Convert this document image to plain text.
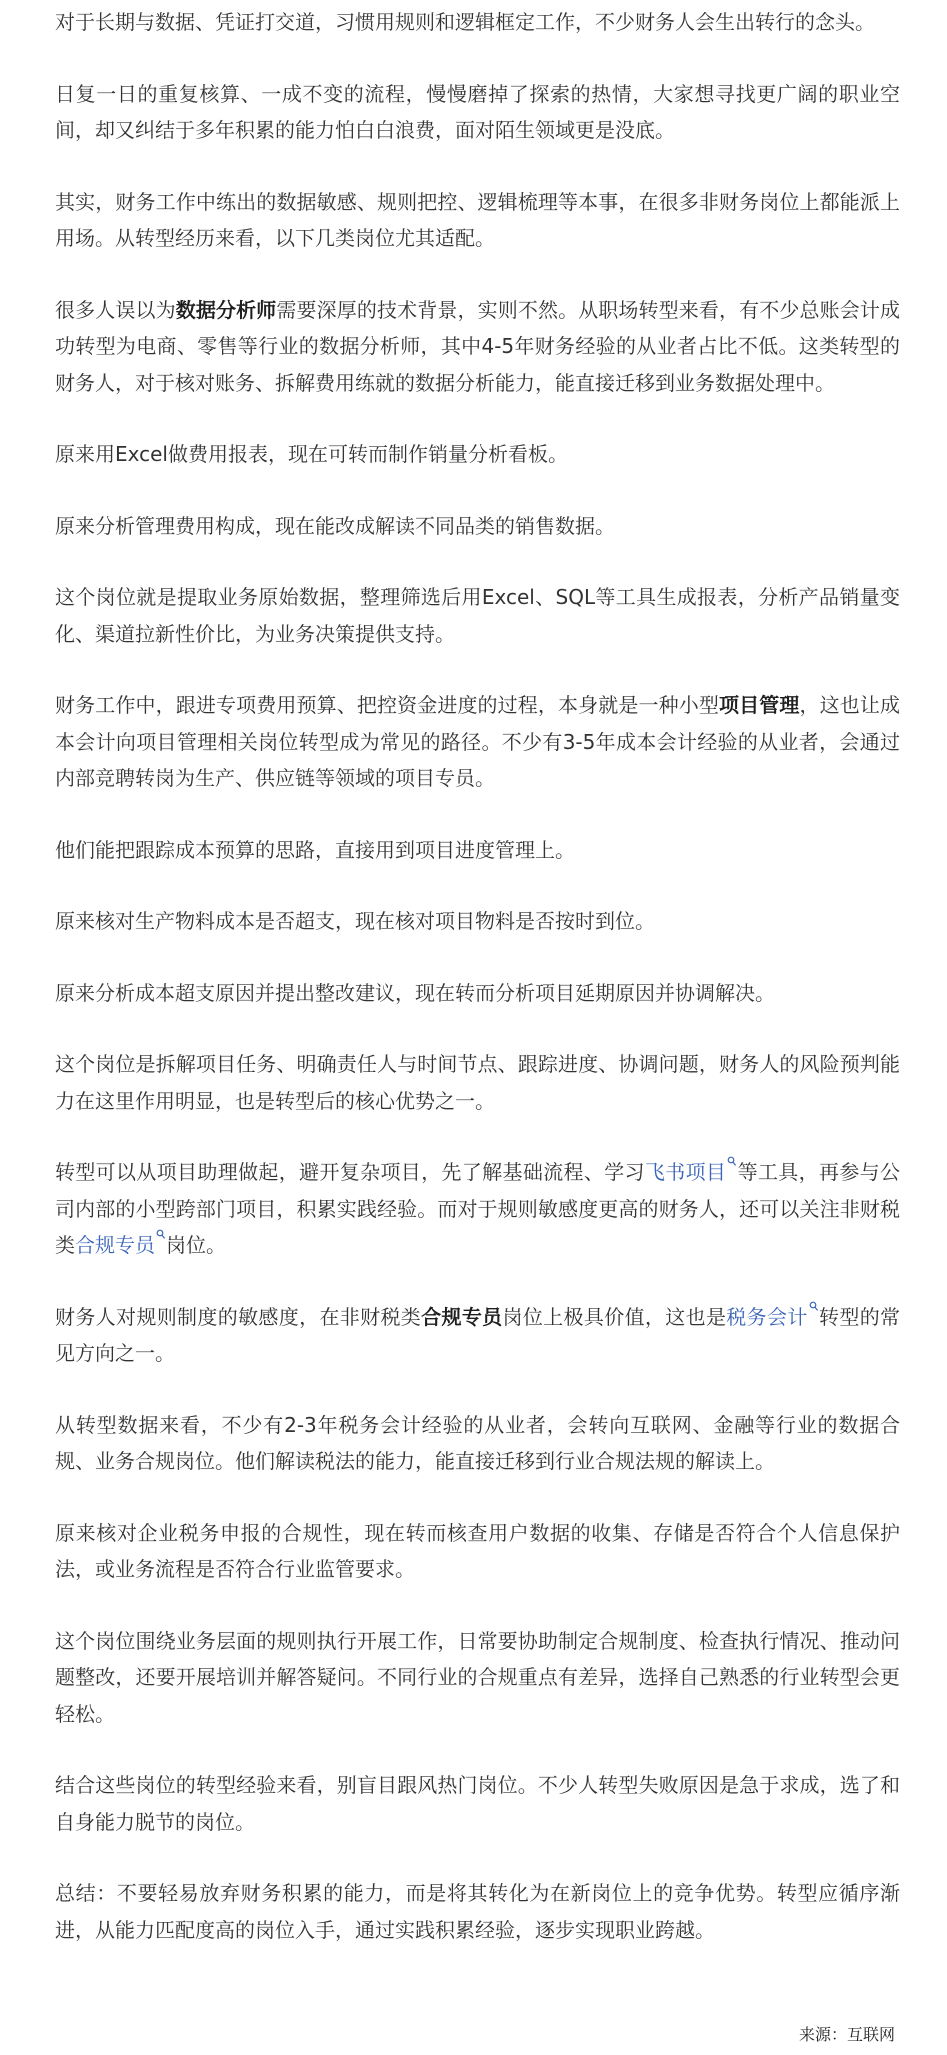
对于长期与数据、凭证打交道，习惯用规则和逻辑框定工作，不少财务人会生出转行的念头。

日复一日的重复核算、一成不变的流程，慢慢磨掉了探索的热情，大家想寻找更广阔的职业空间，却又纠结于多年积累的能力怕白白浪费，面对陌生领域更是没底。

其实，财务工作中练出的数据敏感、规则把控、逻辑梳理等本事，在很多非财务岗位上都能派上用场。从转型经历来看，以下几类岗位尤其适配。

很多人误以为数据分析师需要深厚的技术背景，实则不然。从职场转型来看，有不少总账会计成功转型为电商、零售等行业的数据分析师，其中4-5年财务经验的从业者占比不低。这类转型的财务人，对于核对账务、拆解费用练就的数据分析能力，能直接迁移到业务数据处理中。

原来用Excel做费用报表，现在可转而制作销量分析看板。

原来分析管理费用构成，现在能改成解读不同品类的销售数据。

这个岗位就是提取业务原始数据，整理筛选后用Excel、SQL等工具生成报表，分析产品销量变化、渠道拉新性价比，为业务决策提供支持。

财务工作中，跟进专项费用预算、把控资金进度的过程，本身就是一种小型项目管理，这也让成本会计向项目管理相关岗位转型成为常见的路径。不少有3-5年成本会计经验的从业者，会通过内部竞聘转岗为生产、供应链等领域的项目专员。

他们能把跟踪成本预算的思路，直接用到项目进度管理上。

原来核对生产物料成本是否超支，现在核对项目物料是否按时到位。

原来分析成本超支原因并提出整改建议，现在转而分析项目延期原因并协调解决。

这个岗位是拆解项目任务、明确责任人与时间节点、跟踪进度、协调问题，财务人的风险预判能力在这里作用明显，也是转型后的核心优势之一。

转型可以从项目助理做起，避开复杂项目，先了解基础流程、学习飞书项目 等工具，再参与公司内部的小型跨部门项目，积累实践经验。而对于规则敏感度更高的财务人，还可以关注非财税类合规专员 岗位。

财务人对规则制度的敏感度，在非财税类合规专员岗位上极具价值，这也是税务会计 转型的常见方向之一。

从转型数据来看，不少有2-3年税务会计经验的从业者，会转向互联网、金融等行业的数据合规、业务合规岗位。他们解读税法的能力，能直接迁移到行业合规法规的解读上。

原来核对企业税务申报的合规性，现在转而核查用户数据的收集、存储是否符合个人信息保护法，或业务流程是否符合行业监管要求。

这个岗位围绕业务层面的规则执行开展工作，日常要协助制定合规制度、检查执行情况、推动问题整改，还要开展培训并解答疑问。不同行业的合规重点有差异，选择自己熟悉的行业转型会更轻松。

结合这些岗位的转型经验来看，别盲目跟风热门岗位。不少人转型失败原因是急于求成，选了和自身能力脱节的岗位。

总结：不要轻易放弃财务积累的能力，而是将其转化为在新岗位上的竞争优势。转型应循序渐进，从能力匹配度高的岗位入手，通过实践积累经验，逐步实现职业跨越。

来源：互联网
